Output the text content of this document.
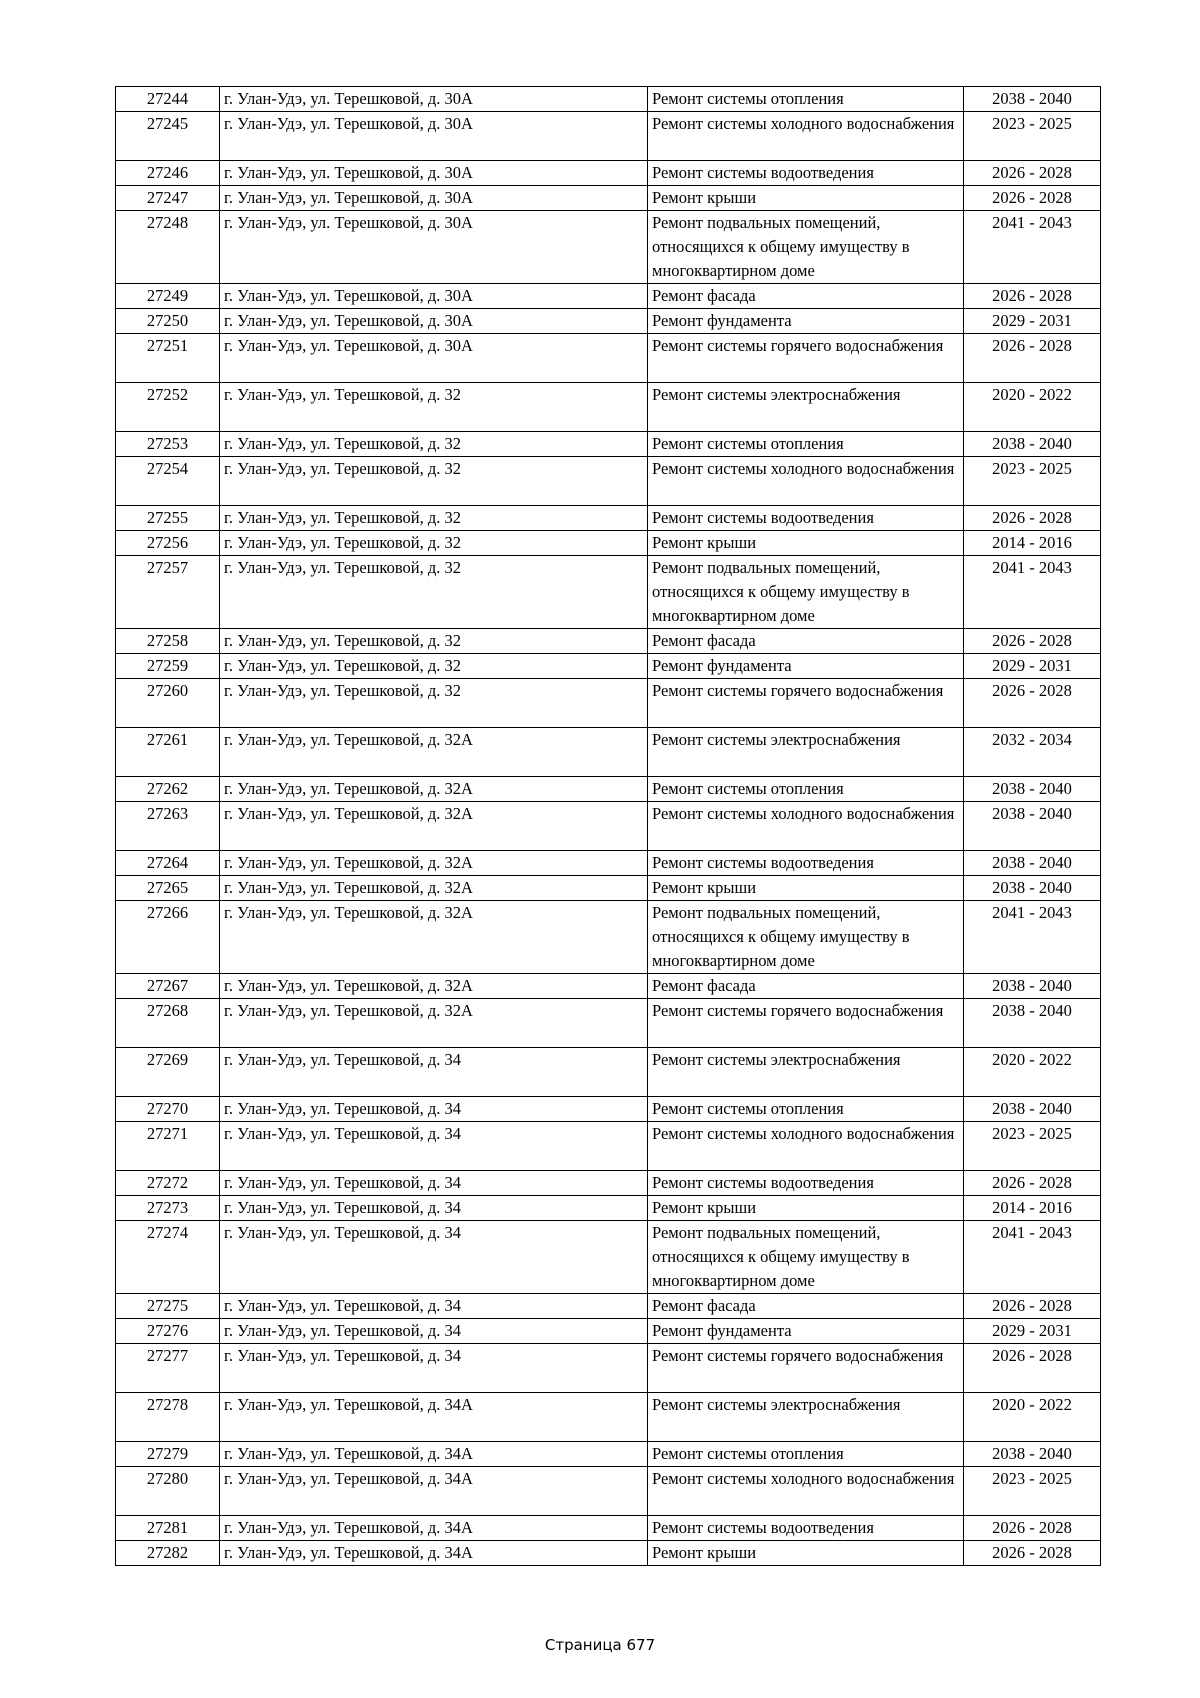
27244	г. Улан-Удэ, ул. Терешковой, д. 30А	Ремонт системы отопления	2038 - 2040
27245	г. Улан-Удэ, ул. Терешковой, д. 30А	Ремонт системы холодного водоснабжения	2023 - 2025
27246	г. Улан-Удэ, ул. Терешковой, д. 30А	Ремонт системы водоотведения	2026 - 2028
27247	г. Улан-Удэ, ул. Терешковой, д. 30А	Ремонт крыши	2026 - 2028
27248	г. Улан-Удэ, ул. Терешковой, д. 30А	Ремонт подвальных помещений, относящихся к общему имуществу в многоквартирном доме	2041 - 2043
27249	г. Улан-Удэ, ул. Терешковой, д. 30А	Ремонт фасада	2026 - 2028
27250	г. Улан-Удэ, ул. Терешковой, д. 30А	Ремонт фундамента	2029 - 2031
27251	г. Улан-Удэ, ул. Терешковой, д. 30А	Ремонт системы горячего водоснабжения	2026 - 2028
27252	г. Улан-Удэ, ул. Терешковой, д. 32	Ремонт системы электроснабжения	2020 - 2022
27253	г. Улан-Удэ, ул. Терешковой, д. 32	Ремонт системы отопления	2038 - 2040
27254	г. Улан-Удэ, ул. Терешковой, д. 32	Ремонт системы холодного водоснабжения	2023 - 2025
27255	г. Улан-Удэ, ул. Терешковой, д. 32	Ремонт системы водоотведения	2026 - 2028
27256	г. Улан-Удэ, ул. Терешковой, д. 32	Ремонт крыши	2014 - 2016
27257	г. Улан-Удэ, ул. Терешковой, д. 32	Ремонт подвальных помещений, относящихся к общему имуществу в многоквартирном доме	2041 - 2043
27258	г. Улан-Удэ, ул. Терешковой, д. 32	Ремонт фасада	2026 - 2028
27259	г. Улан-Удэ, ул. Терешковой, д. 32	Ремонт фундамента	2029 - 2031
27260	г. Улан-Удэ, ул. Терешковой, д. 32	Ремонт системы горячего водоснабжения	2026 - 2028
27261	г. Улан-Удэ, ул. Терешковой, д. 32А	Ремонт системы электроснабжения	2032 - 2034
27262	г. Улан-Удэ, ул. Терешковой, д. 32А	Ремонт системы отопления	2038 - 2040
27263	г. Улан-Удэ, ул. Терешковой, д. 32А	Ремонт системы холодного водоснабжения	2038 - 2040
27264	г. Улан-Удэ, ул. Терешковой, д. 32А	Ремонт системы водоотведения	2038 - 2040
27265	г. Улан-Удэ, ул. Терешковой, д. 32А	Ремонт крыши	2038 - 2040
27266	г. Улан-Удэ, ул. Терешковой, д. 32А	Ремонт подвальных помещений, относящихся к общему имуществу в многоквартирном доме	2041 - 2043
27267	г. Улан-Удэ, ул. Терешковой, д. 32А	Ремонт фасада	2038 - 2040
27268	г. Улан-Удэ, ул. Терешковой, д. 32А	Ремонт системы горячего водоснабжения	2038 - 2040
27269	г. Улан-Удэ, ул. Терешковой, д. 34	Ремонт системы электроснабжения	2020 - 2022
27270	г. Улан-Удэ, ул. Терешковой, д. 34	Ремонт системы отопления	2038 - 2040
27271	г. Улан-Удэ, ул. Терешковой, д. 34	Ремонт системы холодного водоснабжения	2023 - 2025
27272	г. Улан-Удэ, ул. Терешковой, д. 34	Ремонт системы водоотведения	2026 - 2028
27273	г. Улан-Удэ, ул. Терешковой, д. 34	Ремонт крыши	2014 - 2016
27274	г. Улан-Удэ, ул. Терешковой, д. 34	Ремонт подвальных помещений, относящихся к общему имуществу в многоквартирном доме	2041 - 2043
27275	г. Улан-Удэ, ул. Терешковой, д. 34	Ремонт фасада	2026 - 2028
27276	г. Улан-Удэ, ул. Терешковой, д. 34	Ремонт фундамента	2029 - 2031
27277	г. Улан-Удэ, ул. Терешковой, д. 34	Ремонт системы горячего водоснабжения	2026 - 2028
27278	г. Улан-Удэ, ул. Терешковой, д. 34А	Ремонт системы электроснабжения	2020 - 2022
27279	г. Улан-Удэ, ул. Терешковой, д. 34А	Ремонт системы отопления	2038 - 2040
27280	г. Улан-Удэ, ул. Терешковой, д. 34А	Ремонт системы холодного водоснабжения	2023 - 2025
27281	г. Улан-Удэ, ул. Терешковой, д. 34А	Ремонт системы водоотведения	2026 - 2028
27282	г. Улан-Удэ, ул. Терешковой, д. 34А	Ремонт крыши	2026 - 2028
Страница 677
